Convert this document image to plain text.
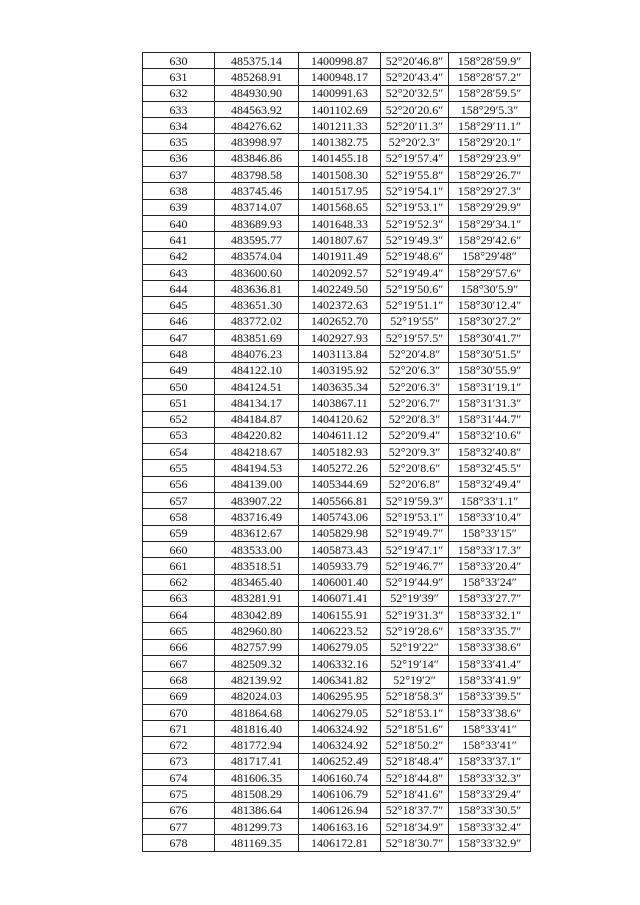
630	485375.14	1400998.87	52°20′46.8″	158°28′59.9″
631	485268.91	1400948.17	52°20′43.4″	158°28′57.2″
632	484930.90	1400991.63	52°20′32.5″	158°28′59.5″
633	484563.92	1401102.69	52°20′20.6″	158°29′5.3″
634	484276.62	1401211.33	52°20′11.3″	158°29′11.1″
635	483998.97	1401382.75	52°20′2.3″	158°29′20.1″
636	483846.86	1401455.18	52°19′57.4″	158°29′23.9″
637	483798.58	1401508.30	52°19′55.8″	158°29′26.7″
638	483745.46	1401517.95	52°19′54.1″	158°29′27.3″
639	483714.07	1401568.65	52°19′53.1″	158°29′29.9″
640	483689.93	1401648.33	52°19′52.3″	158°29′34.1″
641	483595.77	1401807.67	52°19′49.3″	158°29′42.6″
642	483574.04	1401911.49	52°19′48.6″	158°29′48″
643	483600.60	1402092.57	52°19′49.4″	158°29′57.6″
644	483636.81	1402249.50	52°19′50.6″	158°30′5.9″
645	483651.30	1402372.63	52°19′51.1″	158°30′12.4″
646	483772.02	1402652.70	52°19′55″	158°30′27.2″
647	483851.69	1402927.93	52°19′57.5″	158°30′41.7″
648	484076.23	1403113.84	52°20′4.8″	158°30′51.5″
649	484122.10	1403195.92	52°20′6.3″	158°30′55.9″
650	484124.51	1403635.34	52°20′6.3″	158°31′19.1″
651	484134.17	1403867.11	52°20′6.7″	158°31′31.3″
652	484184.87	1404120.62	52°20′8.3″	158°31′44.7″
653	484220.82	1404611.12	52°20′9.4″	158°32′10.6″
654	484218.67	1405182.93	52°20′9.3″	158°32′40.8″
655	484194.53	1405272.26	52°20′8.6″	158°32′45.5″
656	484139.00	1405344.69	52°20′6.8″	158°32′49.4″
657	483907.22	1405566.81	52°19′59.3″	158°33′1.1″
658	483716.49	1405743.06	52°19′53.1″	158°33′10.4″
659	483612.67	1405829.98	52°19′49.7″	158°33′15″
660	483533.00	1405873.43	52°19′47.1″	158°33′17.3″
661	483518.51	1405933.79	52°19′46.7″	158°33′20.4″
662	483465.40	1406001.40	52°19′44.9″	158°33′24″
663	483281.91	1406071.41	52°19′39″	158°33′27.7″
664	483042.89	1406155.91	52°19′31.3″	158°33′32.1″
665	482960.80	1406223.52	52°19′28.6″	158°33′35.7″
666	482757.99	1406279.05	52°19′22″	158°33′38.6″
667	482509.32	1406332.16	52°19′14″	158°33′41.4″
668	482139.92	1406341.82	52°19′2″	158°33′41.9″
669	482024.03	1406295.95	52°18′58.3″	158°33′39.5″
670	481864.68	1406279.05	52°18′53.1″	158°33′38.6″
671	481816.40	1406324.92	52°18′51.6″	158°33′41″
672	481772.94	1406324.92	52°18′50.2″	158°33′41″
673	481717.41	1406252.49	52°18′48.4″	158°33′37.1″
674	481606.35	1406160.74	52°18′44.8″	158°33′32.3″
675	481508.29	1406106.79	52°18′41.6″	158°33′29.4″
676	481386.64	1406126.94	52°18′37.7″	158°33′30.5″
677	481299.73	1406163.16	52°18′34.9″	158°33′32.4″
678	481169.35	1406172.81	52°18′30.7″	158°33′32.9″
